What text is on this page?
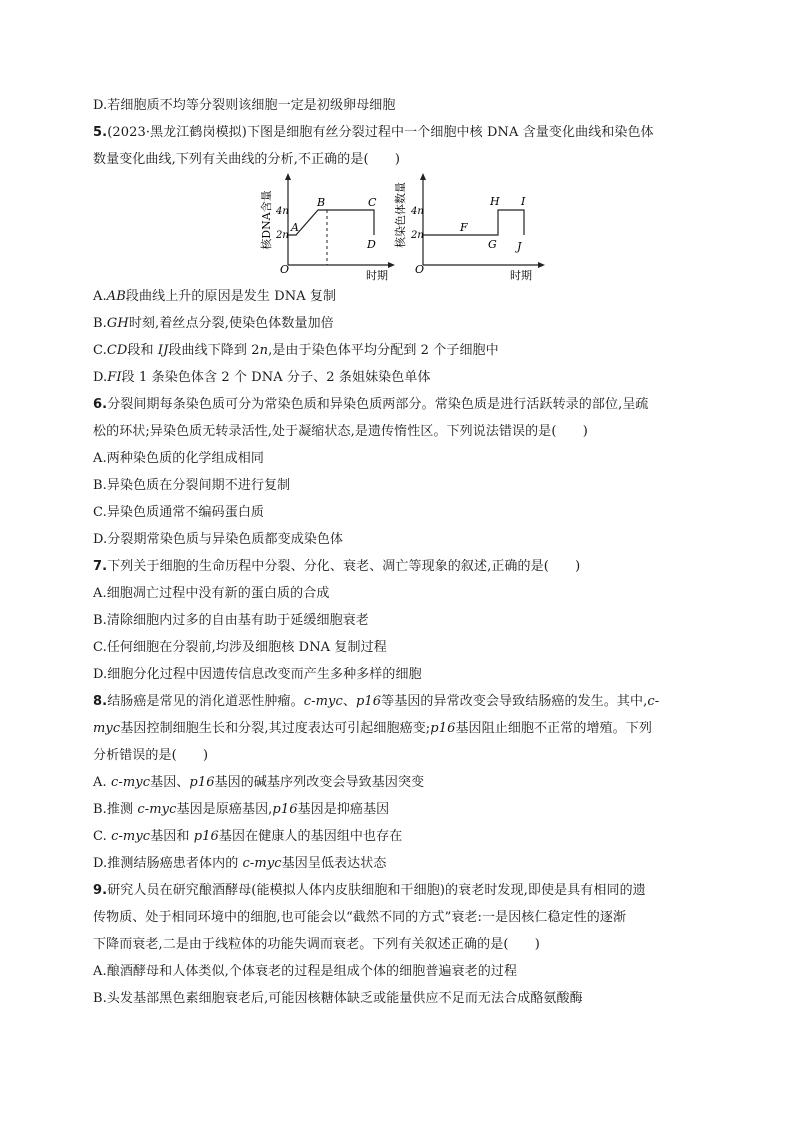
D.若细胞质不均等分裂则该细胞一定是初级卵母细胞
5.(2023·黑龙江鹤岗模拟)下图是细胞有丝分裂过程中一个细胞中核 DNA 含量变化曲线和染色体
数量变化曲线,下列有关曲线的分析,不正确的是(　　)
核DNA含量
时期
O
4n
2n
A
B	C
D 核染色体数量
时期
O
4n
2n
F
G
H I
J
A.AB段曲线上升的原因是发生 DNA 复制
B.GH时刻,着丝点分裂,使染色体数量加倍
C.CD段和 IJ段曲线下降到 2n,是由于染色体平均分配到 2 个子细胞中
D.FI段 1 条染色体含 2 个 DNA 分子、2 条姐妹染色单体
6.分裂间期每条染色质可分为常染色质和异染色质两部分。常染色质是进行活跃转录的部位,呈疏
松的环状;异染色质无转录活性,处于凝缩状态,是遗传惰性区。下列说法错误的是(　　)
A.两种染色质的化学组成相同
B.异染色质在分裂间期不进行复制
C.异染色质通常不编码蛋白质
D.分裂期常染色质与异染色质都变成染色体
7.下列关于细胞的生命历程中分裂、分化、衰老、凋亡等现象的叙述,正确的是(　　)
A.细胞凋亡过程中没有新的蛋白质的合成
B.清除细胞内过多的自由基有助于延缓细胞衰老
C.任何细胞在分裂前,均涉及细胞核 DNA 复制过程
D.细胞分化过程中因遗传信息改变而产生多种多样的细胞
8.结肠癌是常见的消化道恶性肿瘤。c-myc、p16等基因的异常改变会导致结肠癌的发生。其中,c-
myc基因控制细胞生长和分裂,其过度表达可引起细胞癌变;p16基因阻止细胞不正常的增殖。下列
分析错误的是(　　)
A. c-myc基因、p16基因的碱基序列改变会导致基因突变
B.推测 c-myc基因是原癌基因,p16基因是抑癌基因
C. c-myc基因和 p16基因在健康人的基因组中也存在
D.推测结肠癌患者体内的 c-myc基因呈低表达状态
9.研究人员在研究酿酒酵母(能模拟人体内皮肤细胞和干细胞)的衰老时发现,即使是具有相同的遗
传物质、处于相同环境中的细胞,也可能会以“截然不同的方式”衰老:一是因核仁稳定性的逐渐
下降而衰老,二是由于线粒体的功能失调而衰老。下列有关叙述正确的是(　　)
A.酿酒酵母和人体类似,个体衰老的过程是组成个体的细胞普遍衰老的过程
B.头发基部黑色素细胞衰老后,可能因核糖体缺乏或能量供应不足而无法合成酪氨酸酶
